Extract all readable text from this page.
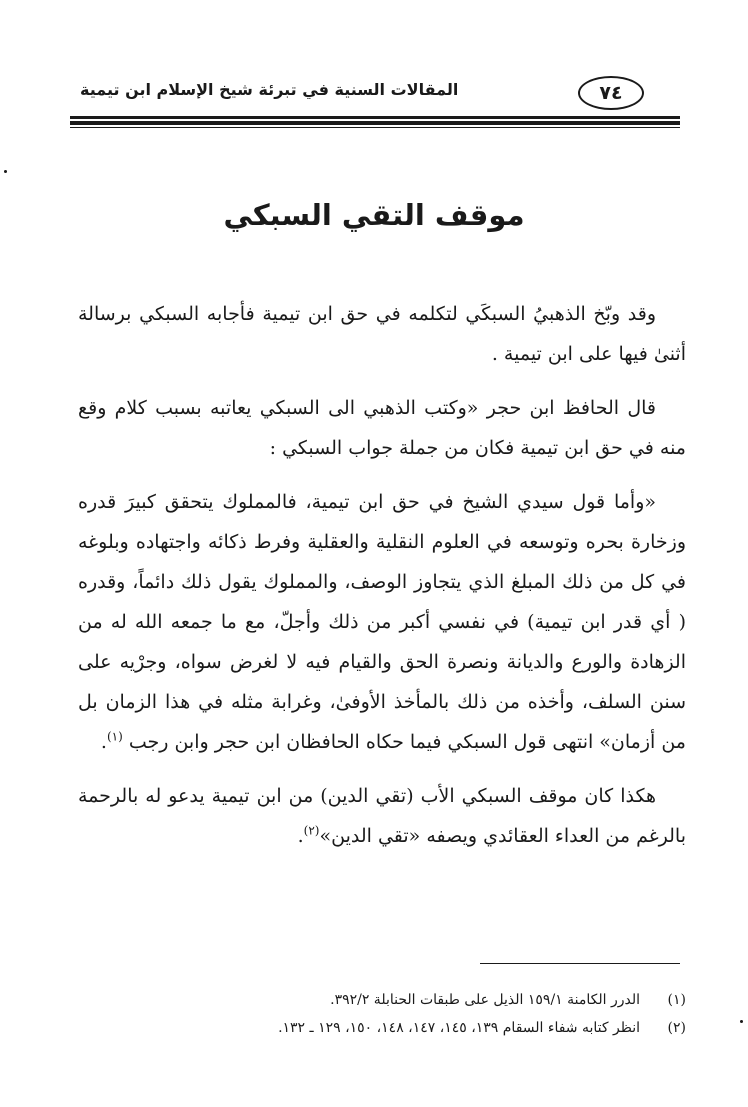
٧٤
المقالات السنية في تبرئة شيخ الإسلام ابن تيمية
موقف التقي السبكي

وقد وبّخ الذهبيُ السبكَي لتكلمه في حق ابن تيمية فأجابه السبكي برسالة أثنىٰ فيها على ابن تيمية .

قال الحافظ ابن حجر «وكتب الذهبي الى السبكي يعاتبه بسبب كلام وقع منه في حق ابن تيمية فكان من جملة جواب السبكي :

«وأما قول سيدي الشيخ في حق ابن تيمية، فالمملوك يتحقق كبيرَ قدره وزخارة بحره وتوسعه في العلوم النقلية والعقلية وفرط ذكائه واجتهاده وبلوغه في كل من ذلك المبلغ الذي يتجاوز الوصف، والمملوك يقول ذلك دائماً، وقدره ( أي قدر ابن تيمية) في نفسي أكبر من ذلك وأجلّ، مع ما جمعه الله له من الزهادة والورع والديانة ونصرة الحق والقيام فيه لا لغرض سواه، وجرْيه على سنن السلف، وأخذه من ذلك بالمأخذ الأوفىٰ، وغرابة مثله في هذا الزمان بل من أزمان» انتهى قول السبكي فيما حكاه الحافظان ابن حجر وابن رجب $^{(١)}$.

هكذا كان موقف السبكي الأب (تقي الدين) من ابن تيمية يدعو له بالرحمة بالرغم من العداء العقائدي ويصفه «تقي الدين»$^{(٢)}$.

(١)الدرر الكامنة ١٥٩/١ الذيل على طبقات الحنابلة ٣٩٢/٢.

(٢)انظر كتابه شفاء السقام ١٣٩، ١٤٥، ١٤٧، ١٤٨، ١٥٠، ١٢٩ ـ ١٣٢.
